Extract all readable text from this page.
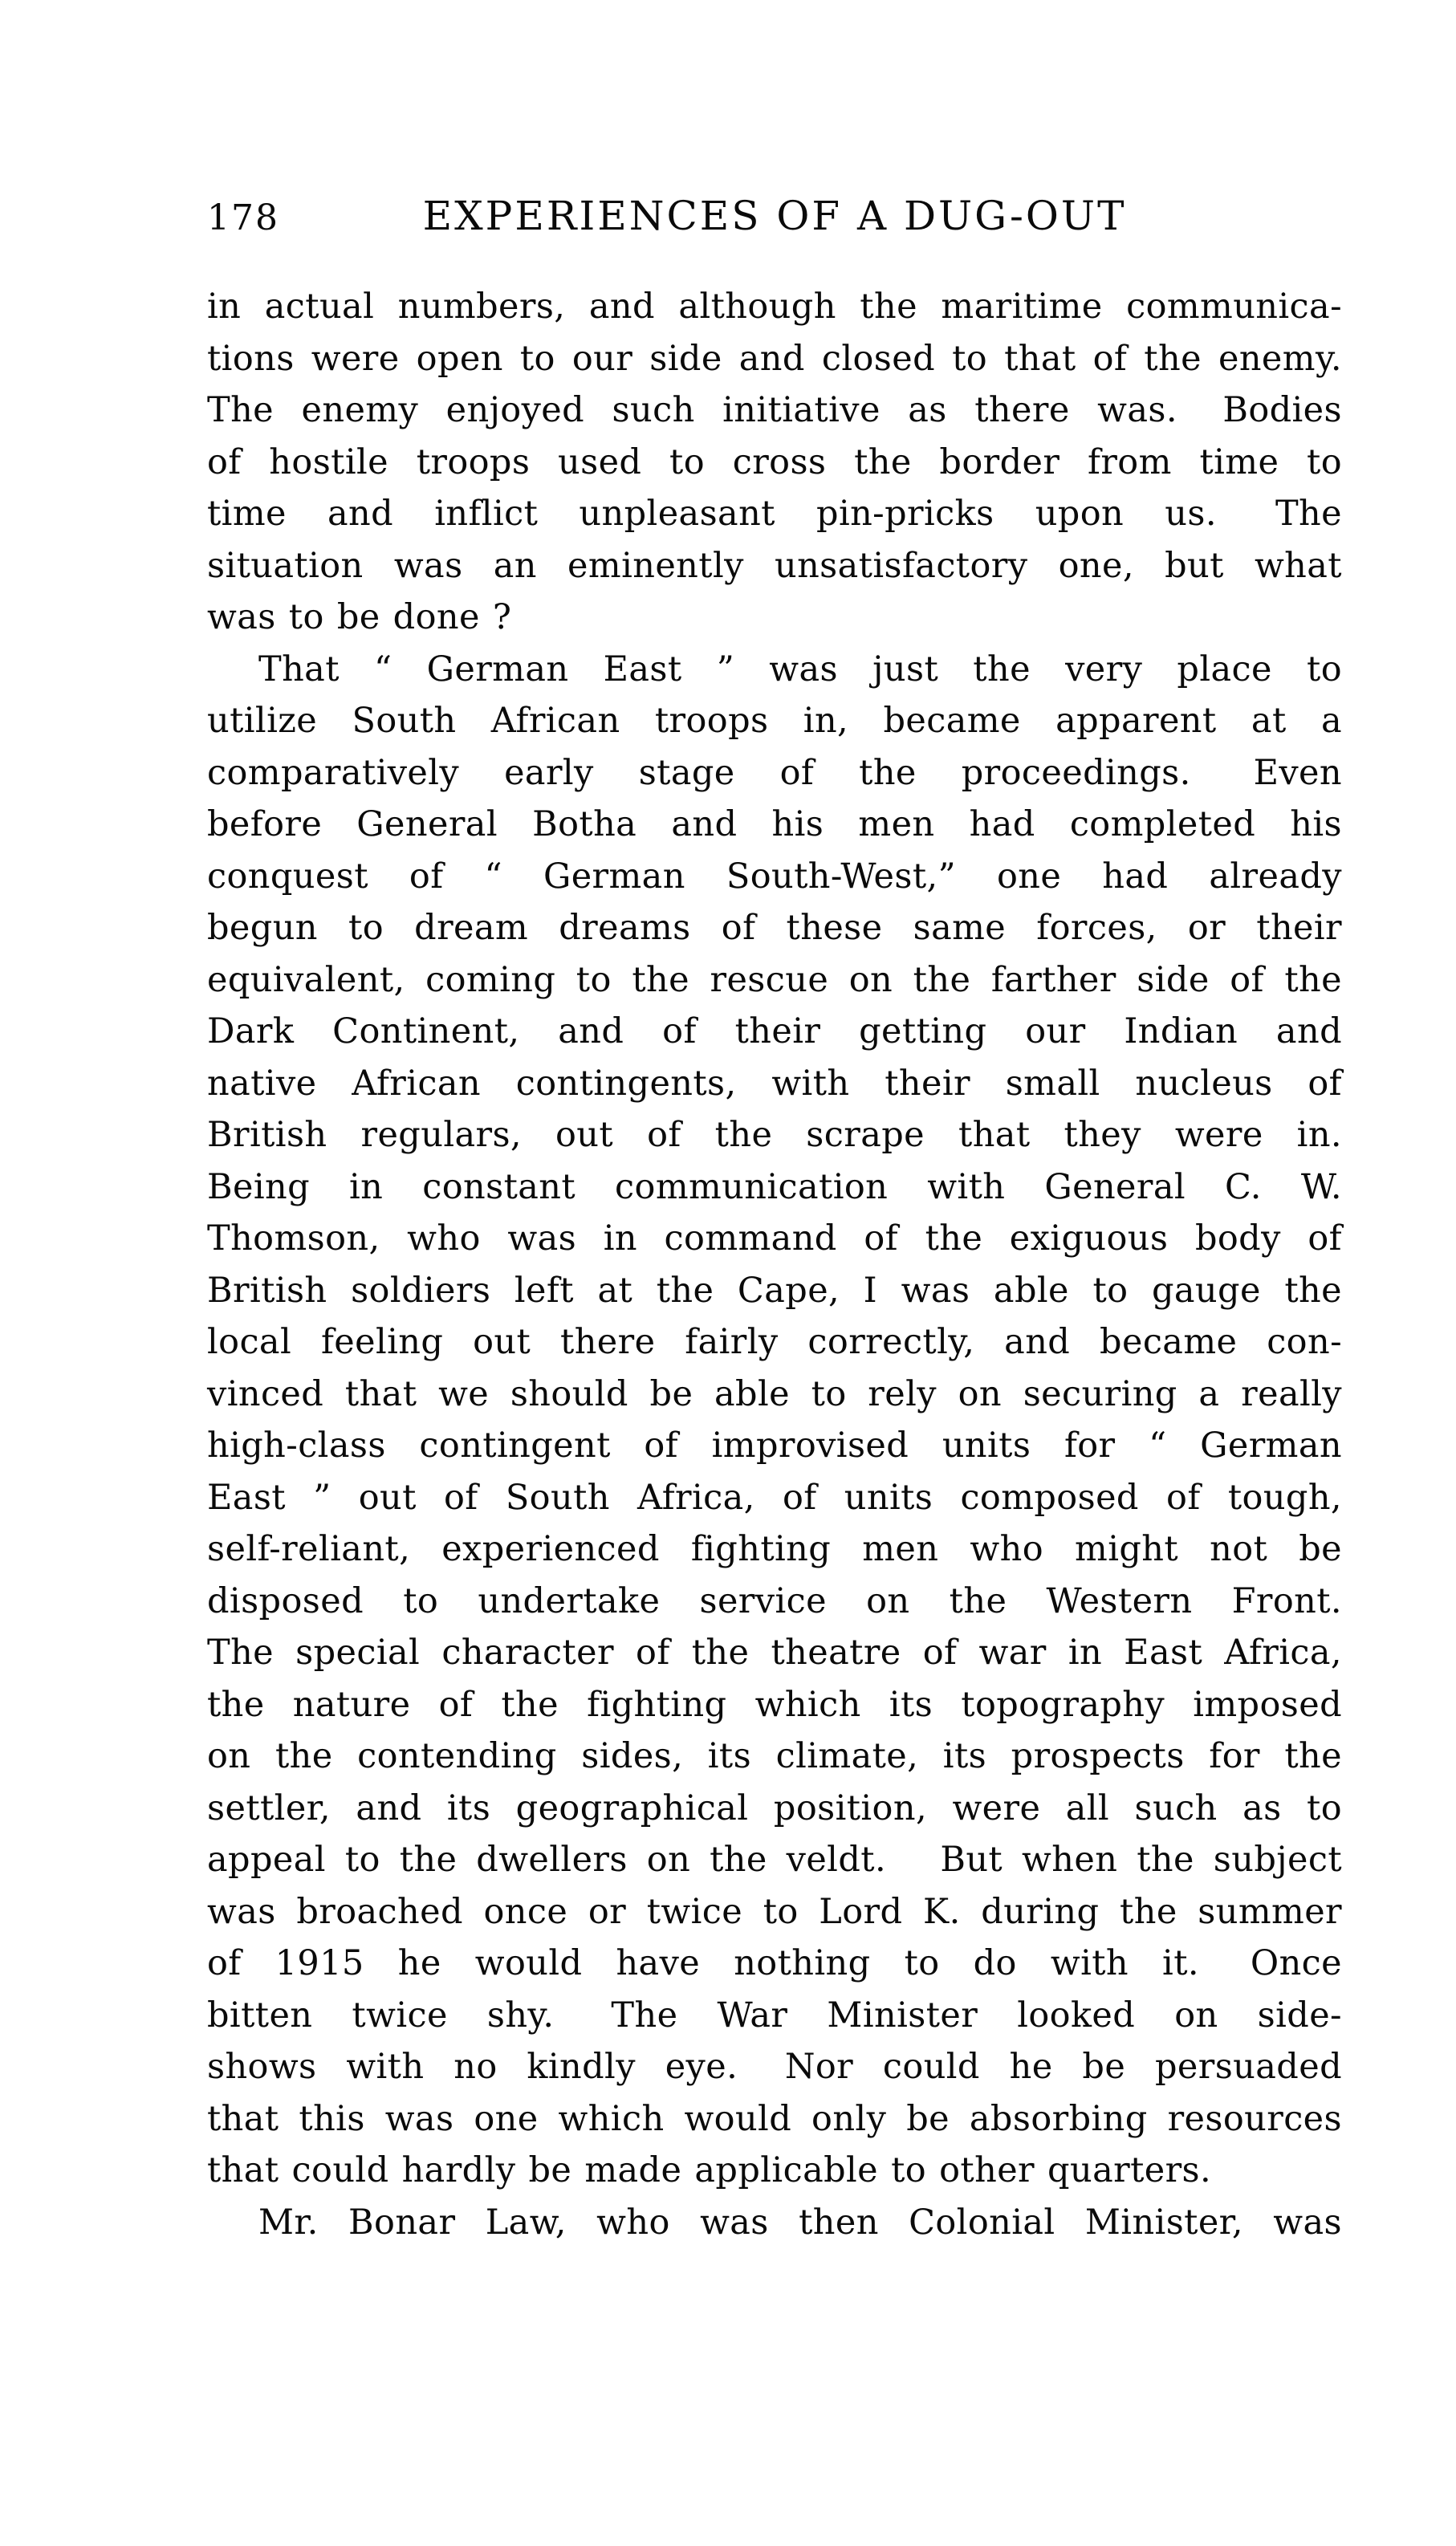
178	EXPERIENCES OF A DUG-OUT
in actual numbers, and although the maritime communica-
tions were open to our side and closed to that of the enemy.
The enemy enjoyed such initiative as there was.  Bodies
of hostile troops used to cross the border from time to
time and inflict unpleasant pin-pricks upon us.  The
situation was an eminently unsatisfactory one, but what
was to be done ?
That “ German East ” was just the very place to
utilize South African troops in, became apparent at a
comparatively early stage of the proceedings.  Even
before General Botha and his men had completed his
conquest of “ German South-West,” one had already
begun to dream dreams of these same forces, or their
equivalent, coming to the rescue on the farther side of the
Dark Continent, and of their getting our Indian and
native African contingents, with their small nucleus of
British regulars, out of the scrape that they were in.
Being in constant communication with General C. W.
Thomson, who was in command of the exiguous body of
British soldiers left at the Cape, I was able to gauge the
local feeling out there fairly correctly, and became con-
vinced that we should be able to rely on securing a really
high-class contingent of improvised units for “ German
East ” out of South Africa, of units composed of tough,
self-reliant, experienced fighting men who might not be
disposed to undertake service on the Western Front.
The special character of the theatre of war in East Africa,
the nature of the fighting which its topography imposed
on the contending sides, its climate, its prospects for the
settler, and its geographical position, were all such as to
appeal to the dwellers on the veldt.  But when the subject
was broached once or twice to Lord K. during the summer
of 1915 he would have nothing to do with it.  Once
bitten twice shy.  The War Minister looked on side-
shows with no kindly eye.  Nor could he be persuaded
that this was one which would only be absorbing resources
that could hardly be made applicable to other quarters.
Mr. Bonar Law, who was then Colonial Minister, was
